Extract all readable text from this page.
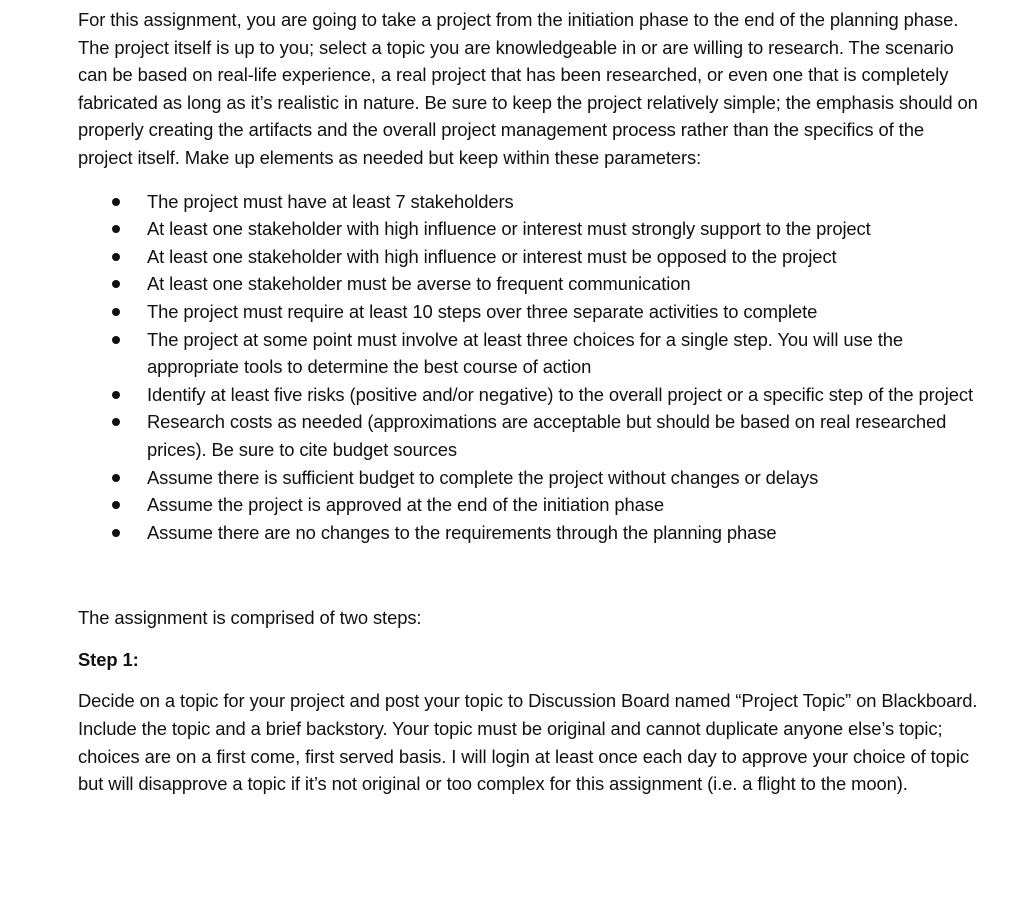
For this assignment, you are going to take a project from the initiation phase to the end of the planning phase. The project itself is up to you; select a topic you are knowledgeable in or are willing to research. The scenario can be based on real-life experience, a real project that has been researched, or even one that is completely fabricated as long as it’s realistic in nature. Be sure to keep the project relatively simple; the emphasis should on properly creating the artifacts and the overall project management process rather than the specifics of the project itself. Make up elements as needed but keep within these parameters:

The project must have at least 7 stakeholders
At least one stakeholder with high influence or interest must strongly support to the project
At least one stakeholder with high influence or interest must be opposed to the project
At least one stakeholder must be averse to frequent communication
The project must require at least 10 steps over three separate activities to complete
The project at some point must involve at least three choices for a single step. You will use the appropriate tools to determine the best course of action
Identify at least five risks (positive and/or negative) to the overall project or a specific step of the project
Research costs as needed (approximations are acceptable but should be based on real researched prices). Be sure to cite budget sources
Assume there is sufficient budget to complete the project without changes or delays
Assume the project is approved at the end of the initiation phase
Assume there are no changes to the requirements through the planning phase

The assignment is comprised of two steps:

Step 1:

Decide on a topic for your project and post your topic to Discussion Board named “Project Topic” on Blackboard. Include the topic and a brief backstory. Your topic must be original and cannot duplicate anyone else’s topic; choices are on a first come, first served basis. I will login at least once each day to approve your choice of topic but will disapprove a topic if it’s not original or too complex for this assignment (i.e. a flight to the moon).
